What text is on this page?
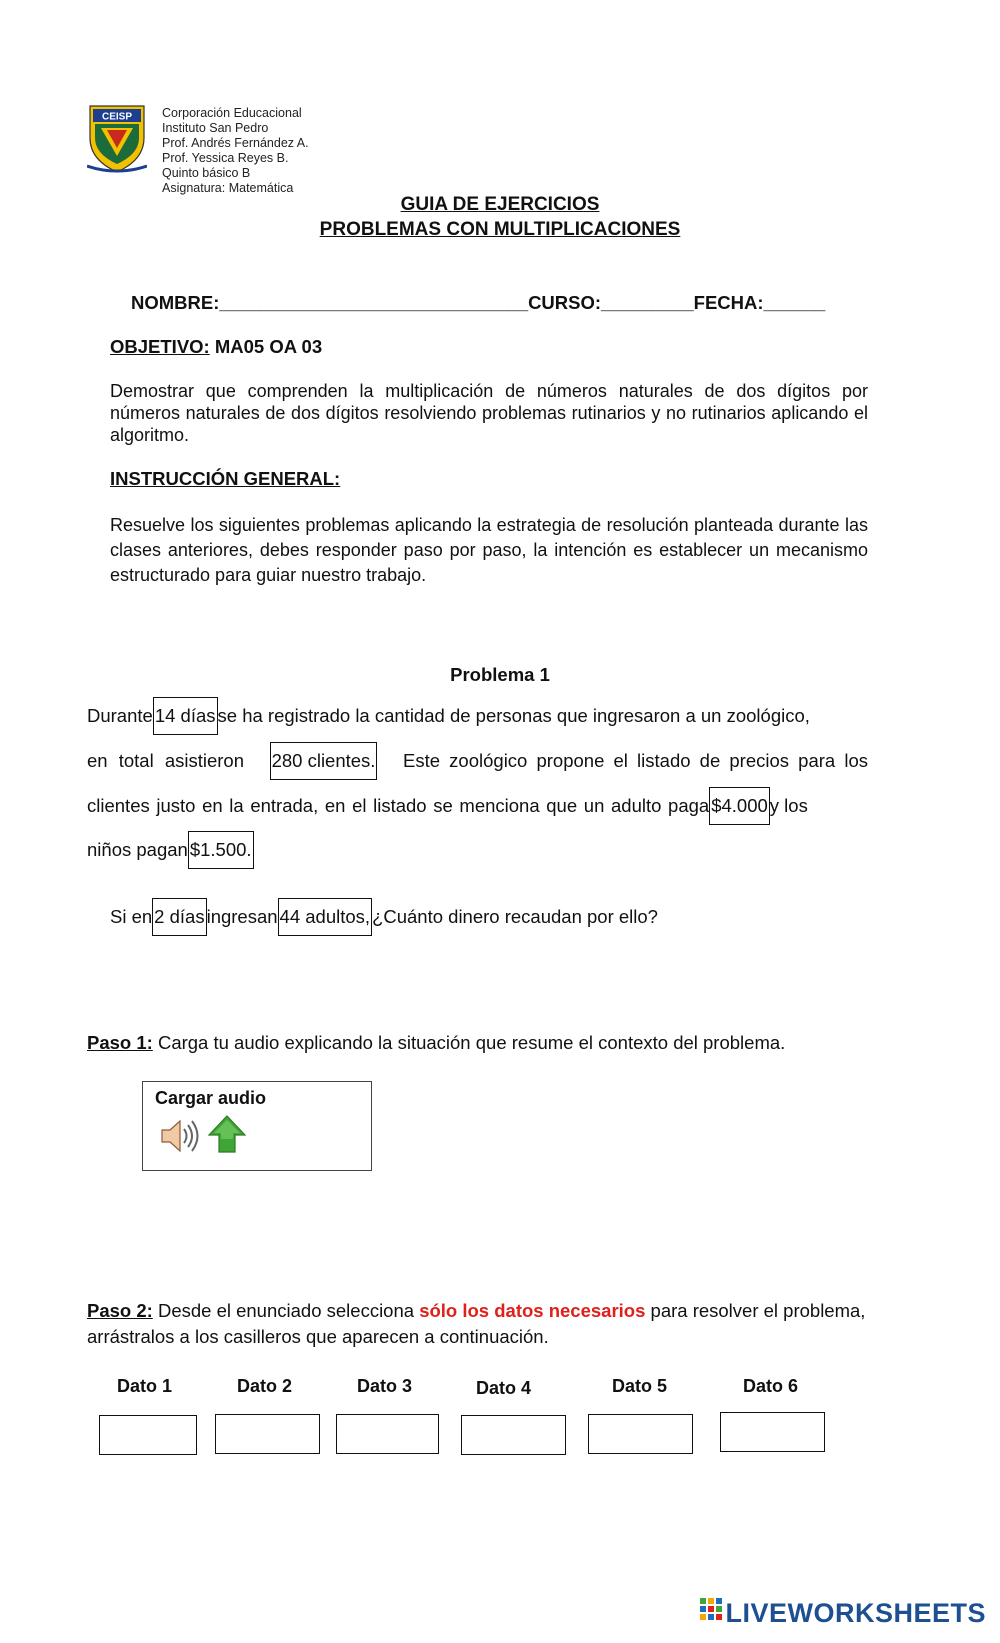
CEISP Corporación Educacional
Instituto San Pedro
Prof. Andrés Fernández A.
Prof. Yessica Reyes B.
Quinto básico B
Asignatura: Matemática
GUIA DE EJERCICIOS
PROBLEMAS CON MULTIPLICACIONES
NOMBRE:______________________________CURSO:_________FECHA:______
OBJETIVO: MA05 OA 03
Demostrar que comprenden la multiplicación de números naturales de dos dígitos por números naturales de dos dígitos resolviendo problemas rutinarios y no rutinarios aplicando el algoritmo.
INSTRUCCIÓN GENERAL:
Resuelve los siguientes problemas aplicando la estrategia de resolución planteada durante las clases anteriores, debes responder paso por paso, la intención es establecer un mecanismo estructurado para guiar nuestro trabajo.
Problema 1
Durante 14 días se ha registrado la cantidad de personas que ingresaron a un zoológico,
en total asistieron 280 clientes. Este zoológico propone el listado de precios para los
clientes justo en la entrada, en el listado se menciona que un adulto paga $4.000 y los
niños pagan $1.500.
Si en 2 días ingresan 44 adultos, ¿Cuánto dinero recaudan por ello?
Paso 1: Carga tu audio explicando la situación que resume el contexto del problema.
Cargar audio
Paso 2: Desde el enunciado selecciona sólo los datos necesarios para resolver el problema,
arrástralos a los casilleros que aparecen a continuación.
Dato 1	Dato 2	Dato 3	Dato 4	Dato 5	Dato 6
LIVEWORKSHEETS
